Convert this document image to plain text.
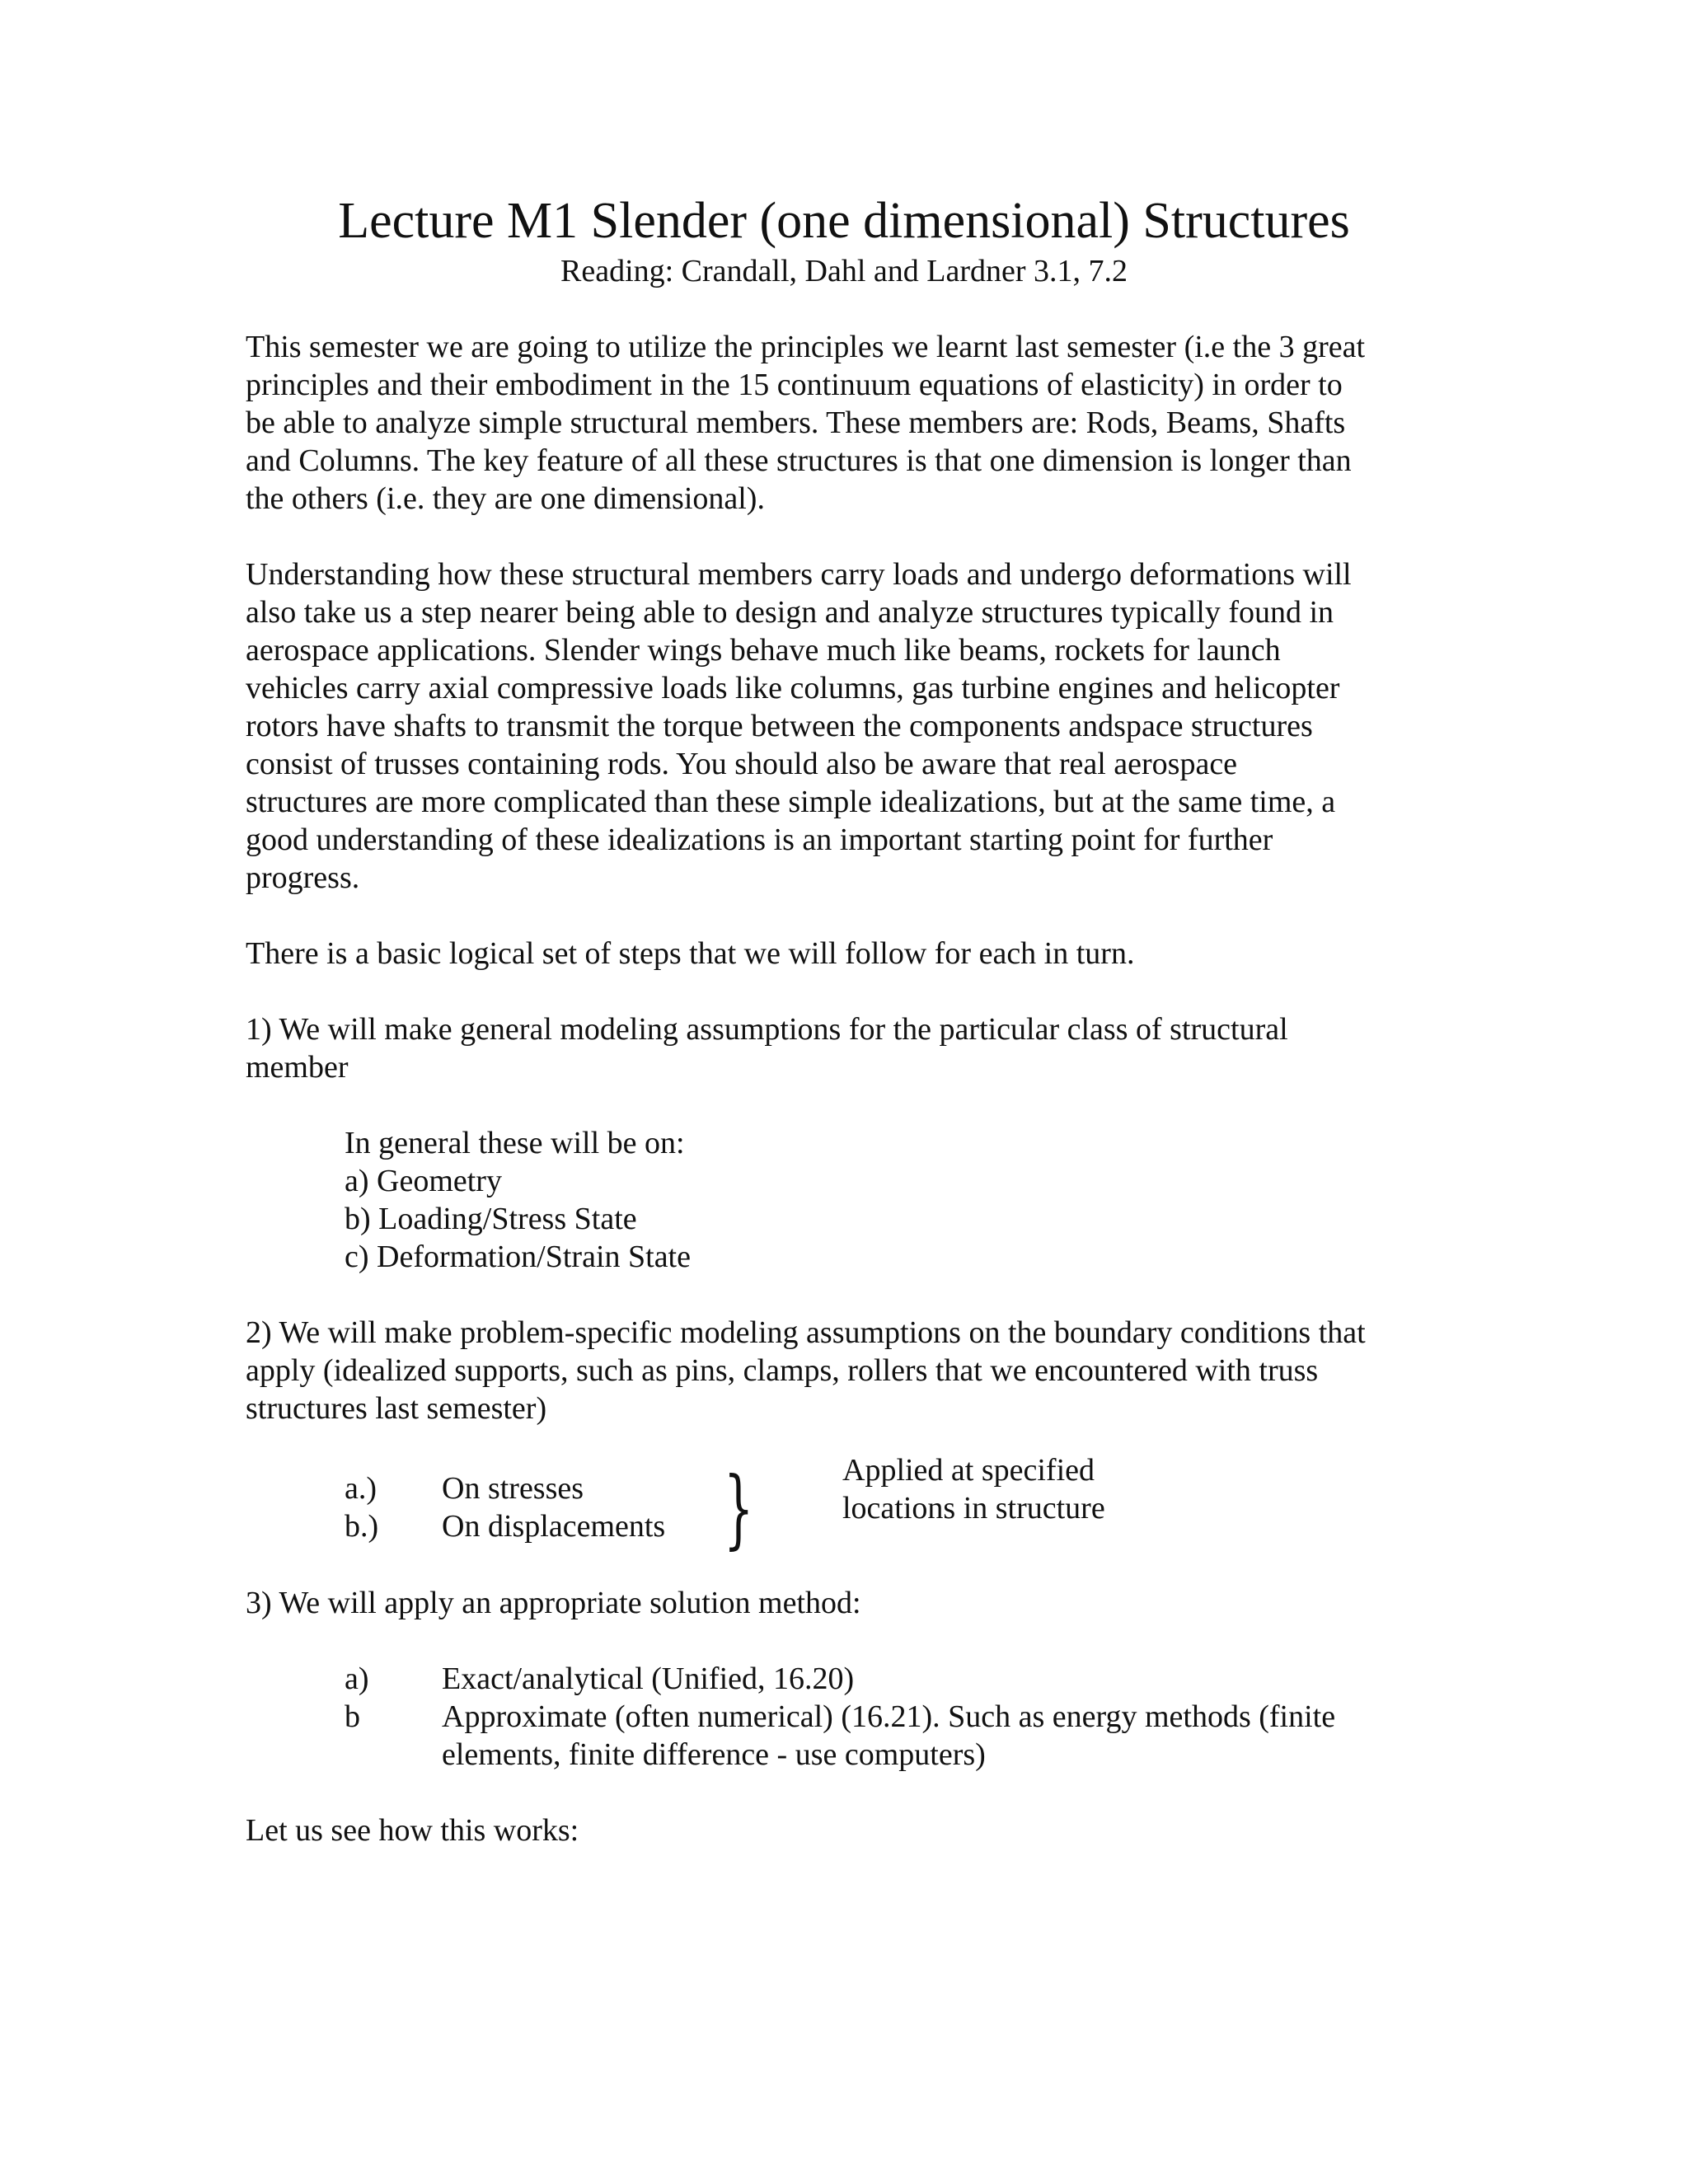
Lecture M1 Slender (one dimensional) Structures
Reading: Crandall, Dahl and Lardner 3.1, 7.2

This semester we are going to utilize the principles we learnt last semester (i.e the 3 great
principles and their embodiment in the 15 continuum equations of elasticity) in order to
be able to analyze simple structural members. These members are: Rods, Beams, Shafts
and Columns. The key feature of all these structures is that one dimension is longer than
the others (i.e. they are one dimensional).

Understanding how these structural members carry loads and undergo deformations will
also take us a step nearer being able to design and analyze structures typically found in
aerospace applications. Slender wings behave much like beams, rockets for launch
vehicles carry axial compressive loads like columns, gas turbine engines and helicopter
rotors have shafts to transmit the torque between the components andspace structures
consist of trusses containing rods. You should also be aware that real aerospace
structures are more complicated than these simple idealizations, but at the same time, a
good understanding of these idealizations is an important starting point for further
progress.

There is a basic logical set of steps that we will follow for each in turn.

1) We will make general modeling assumptions for the particular class of structural
member

In general these will be on:
a) Geometry
b) Loading/Stress State
c) Deformation/Strain State

2) We will make problem-specific modeling assumptions on the boundary conditions that
apply (idealized supports, such as pins, clamps, rollers that we encountered with truss
structures last semester)

a.) On stresses
b.) On displacements }	Applied at specified
locations in structure

3) We will apply an appropriate solution method:

a) Exact/analytical (Unified, 16.20)
b	Approximate (often numerical) (16.21). Such as energy methods (finite
elements, finite difference - use computers)

Let us see how this works:
